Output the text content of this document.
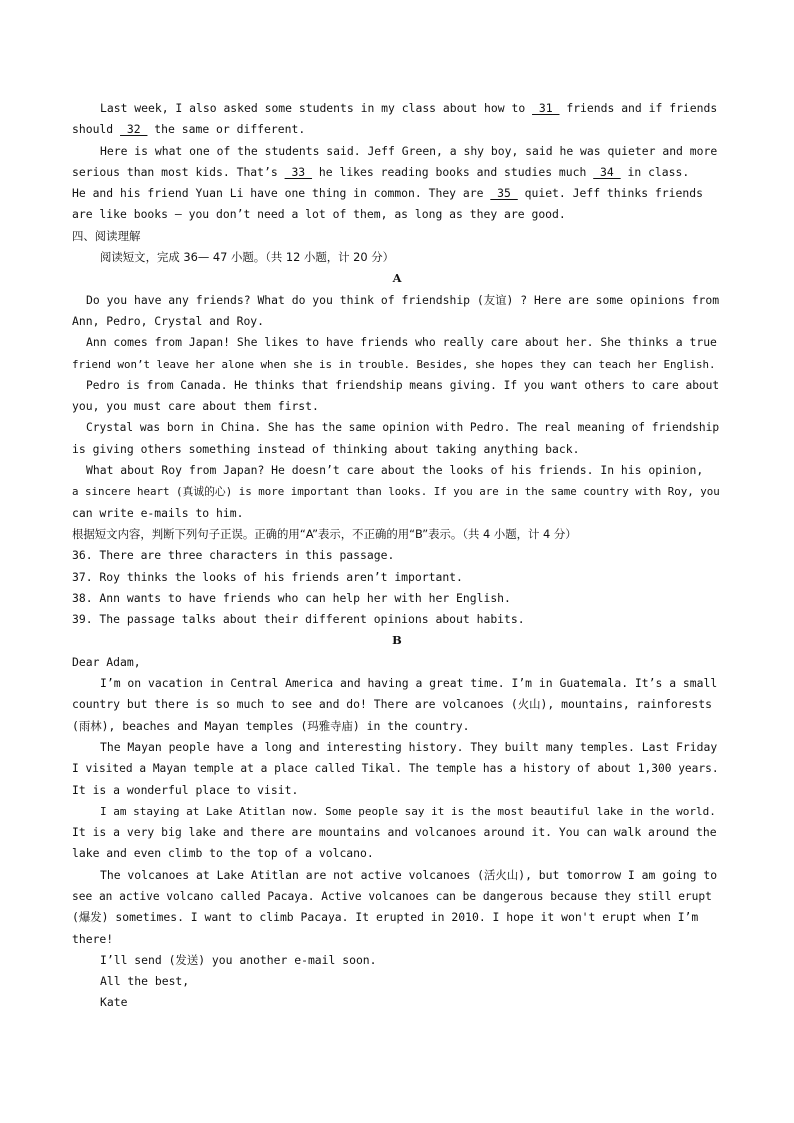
Last week, I also asked some students in my class about how to  31  friends and if friends
should  32  the same or different.
Here is what one of the students said. Jeff Green, a shy boy, said he was quieter and more
serious than most kids. That’s  33  he likes reading books and studies much  34  in class.
He and his friend Yuan Li have one thing in common. They are  35  quiet. Jeff thinks friends
are like books — you don’t need a lot of them, as long as they are good.
四、阅读理解
阅读短文，完成 36— 47 小题。（共 12 小题，计 20 分）
A
Do you have any friends? What do you think of friendship (友谊) ? Here are some opinions from
Ann, Pedro, Crystal and Roy.
Ann comes from Japan! She likes to have friends who really care about her. She thinks a true
friend won’t leave her alone when she is in trouble. Besides, she hopes they can teach her English.
Pedro is from Canada. He thinks that friendship means giving. If you want others to care about
you, you must care about them first.
Crystal was born in China. She has the same opinion with Pedro. The real meaning of friendship
is giving others something instead of thinking about taking anything back.
What about Roy from Japan? He doesn’t care about the looks of his friends. In his opinion,
a sincere heart (真诚的心) is more important than looks. If you are in the same country with Roy, you
can write e-mails to him.
根据短文内容，判断下列句子正误。正确的用“A”表示，不正确的用“B”表示。（共 4 小题，计 4 分）
36. There are three characters in this passage.
37. Roy thinks the looks of his friends aren’t important.
38. Ann wants to have friends who can help her with her English.
39. The passage talks about their different opinions about habits.
B
Dear Adam,
I’m on vacation in Central America and having a great time. I’m in Guatemala. It’s a small
country but there is so much to see and do! There are volcanoes (火山), mountains, rainforests
(雨林), beaches and Mayan temples (玛雅寺庙) in the country.
The Mayan people have a long and interesting history. They built many temples. Last Friday
I visited a Mayan temple at a place called Tikal. The temple has a history of about 1,300 years.
It is a wonderful place to visit.
I am staying at Lake Atitlan now. Some people say it is the most beautiful lake in the world.
It is a very big lake and there are mountains and volcanoes around it. You can walk around the
lake and even climb to the top of a volcano.
The volcanoes at Lake Atitlan are not active volcanoes (活火山), but tomorrow I am going to
see an active volcano called Pacaya. Active volcanoes can be dangerous because they still erupt
(爆发) sometimes. I want to climb Pacaya. It erupted in 2010. I hope it won't erupt when I’m
there!
I’ll send (发送) you another e-mail soon.
All the best,
Kate
